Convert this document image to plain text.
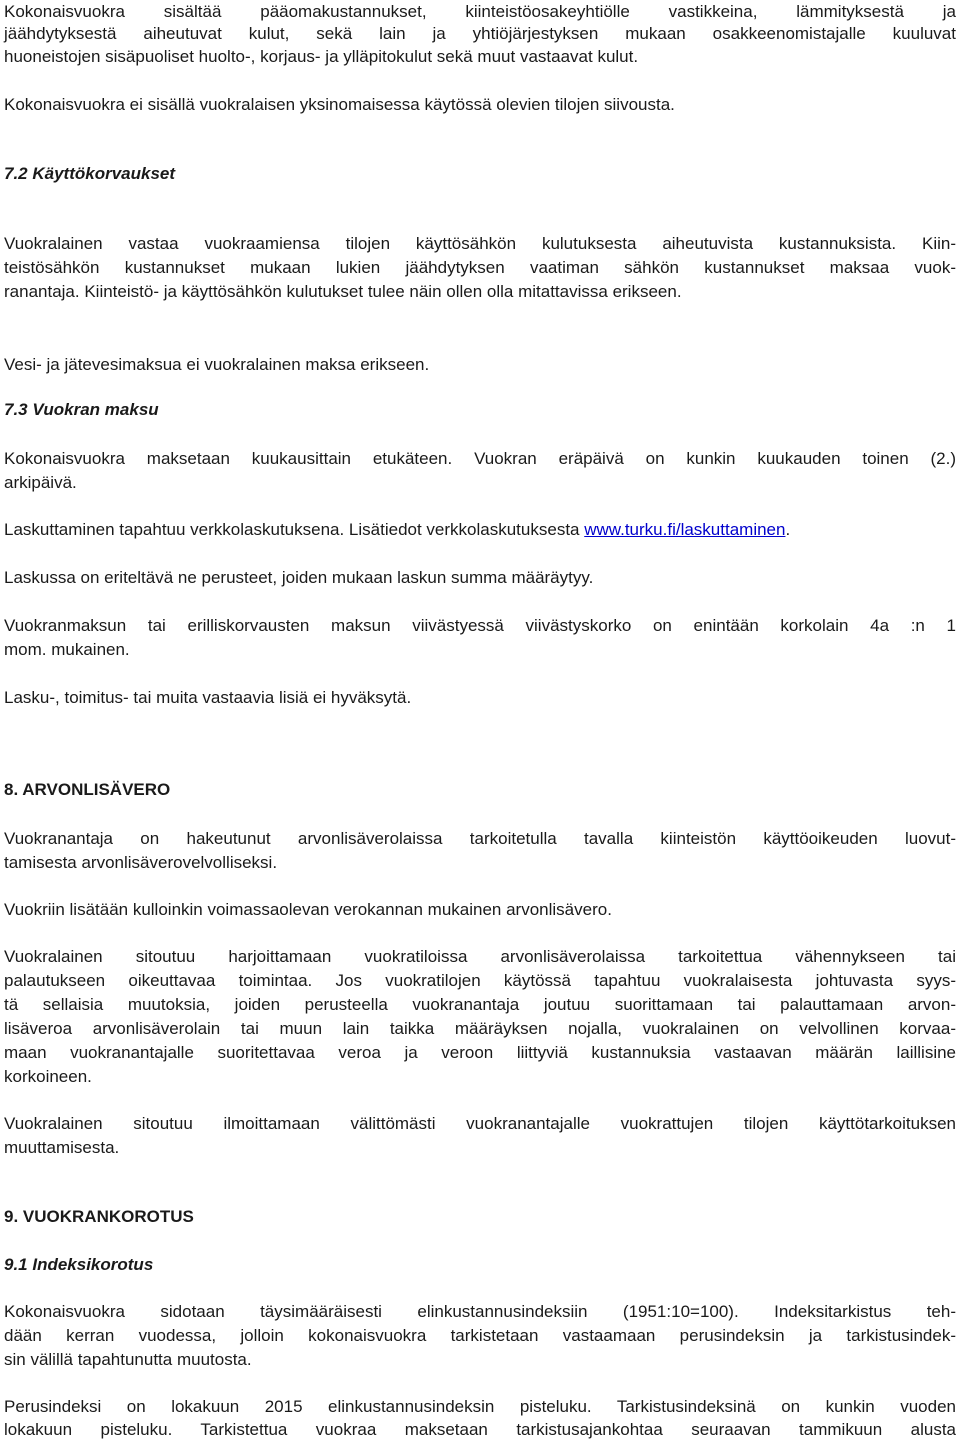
Kokonaisvuokra sisältää pääomakustannukset, kiinteistöosakeyhtiölle vastikkeina, lämmityksestä ja

jäähdytyksestä aiheutuvat kulut, sekä lain ja yhtiöjärjestyksen mukaan osakkeenomistajalle kuuluvat

huoneistojen sisäpuoliset huolto-, korjaus- ja ylläpitokulut sekä muut vastaavat kulut.

Kokonaisvuokra ei sisällä vuokralaisen yksinomaisessa käytössä olevien tilojen siivousta.

7.2 Käyttökorvaukset

Vuokralainen vastaa vuokraamiensa tilojen käyttösähkön kulutuksesta aiheutuvista kustannuksista. Kiin-

teistösähkön kustannukset mukaan lukien jäähdytyksen vaatiman sähkön kustannukset maksaa vuok-

ranantaja. Kiinteistö- ja käyttösähkön kulutukset tulee näin ollen olla mitattavissa erikseen.

Vesi- ja jätevesimaksua ei vuokralainen maksa erikseen.

7.3 Vuokran maksu

Kokonaisvuokra maksetaan kuukausittain etukäteen. Vuokran eräpäivä on kunkin kuukauden toinen (2.)

arkipäivä.

Laskuttaminen tapahtuu verkkolaskutuksena. Lisätiedot verkkolaskutuksesta www.turku.fi/laskuttaminen.

Laskussa on eriteltävä ne perusteet, joiden mukaan laskun summa määräytyy.

Vuokranmaksun tai erilliskorvausten maksun viivästyessä viivästyskorko on enintään korkolain 4a :n 1

mom. mukainen.

Lasku-, toimitus- tai muita vastaavia lisiä ei hyväksytä.

8. ARVONLISÄVERO

Vuokranantaja on hakeutunut arvonlisäverolaissa tarkoitetulla tavalla kiinteistön käyttöoikeuden luovut-

tamisesta arvonlisäverovelvolliseksi.

Vuokriin lisätään kulloinkin voimassaolevan verokannan mukainen arvonlisävero.

Vuokralainen sitoutuu harjoittamaan vuokratiloissa arvonlisäverolaissa tarkoitettua vähennykseen tai

palautukseen oikeuttavaa toimintaa. Jos vuokratilojen käytössä tapahtuu vuokralaisesta johtuvasta syys-

tä sellaisia muutoksia, joiden perusteella vuokranantaja joutuu suorittamaan tai palauttamaan arvon-

lisäveroa arvonlisäverolain tai muun lain taikka määräyksen nojalla, vuokralainen on velvollinen korvaa-

maan vuokranantajalle suoritettavaa veroa ja veroon liittyviä kustannuksia vastaavan määrän laillisine

korkoineen.

Vuokralainen sitoutuu ilmoittamaan välittömästi vuokranantajalle vuokrattujen tilojen käyttötarkoituksen

muuttamisesta.

9. VUOKRANKOROTUS

9.1 Indeksikorotus

Kokonaisvuokra sidotaan täysimääräisesti elinkustannusindeksiin (1951:10=100). Indeksitarkistus teh-

dään kerran vuodessa, jolloin kokonaisvuokra tarkistetaan vastaamaan perusindeksin ja tarkistusindek-

sin välillä tapahtunutta muutosta.

Perusindeksi on lokakuun 2015 elinkustannusindeksin pisteluku. Tarkistusindeksinä on kunkin vuoden

lokakuun pisteluku. Tarkistettua vuokraa maksetaan tarkistusajankohtaa seuraavan tammikuun alusta
